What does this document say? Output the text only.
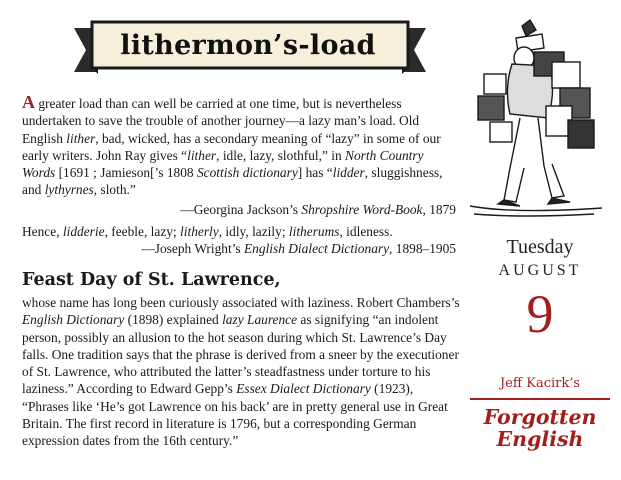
lithermon’s-load
A greater load than can well be carried at one time, but is nevertheless undertaken to save the trouble of another journey—a lazy man’s load. Old English lither, bad, wicked, has a secondary meaning of “lazy” in some of our early writers. John Ray gives “lither, idle, lazy, slothful,” in North Country Words [1691 ; Jamieson[’s 1808 Scottish dictionary] has “lidder, sluggishness, and lythyrnes, sloth.”
—Georgina Jackson’s Shropshire Word-Book, 1879
Hence, lidderie, feeble, lazy; litherly, idly, lazily; litherums, idleness.
—Joseph Wright’s English Dialect Dictionary, 1898–1905
Feast Day of St. Lawrence,
whose name has long been curiously associated with laziness. Robert Chambers’s English Dictionary (1898) explained lazy Laurence as signifying “an indolent person, possibly an allusion to the hot season during which St. Lawrence’s Day falls. One tradition says that the phrase is derived from a sneer by the executioner of St. Lawrence, who attributed the latter’s steadfastness under torture to his laziness.” According to Edward Gepp’s Essex Dialect Dictionary (1923), “Phrases like ‘He’s got Lawrence on his back’ are in pretty general use in Great Britain. The first record in literature is 1796, but a corresponding German expression dates from the 16th century.”
Tuesday
AUGUST
9
Jeff Kacirk’s
Forgotten
English
